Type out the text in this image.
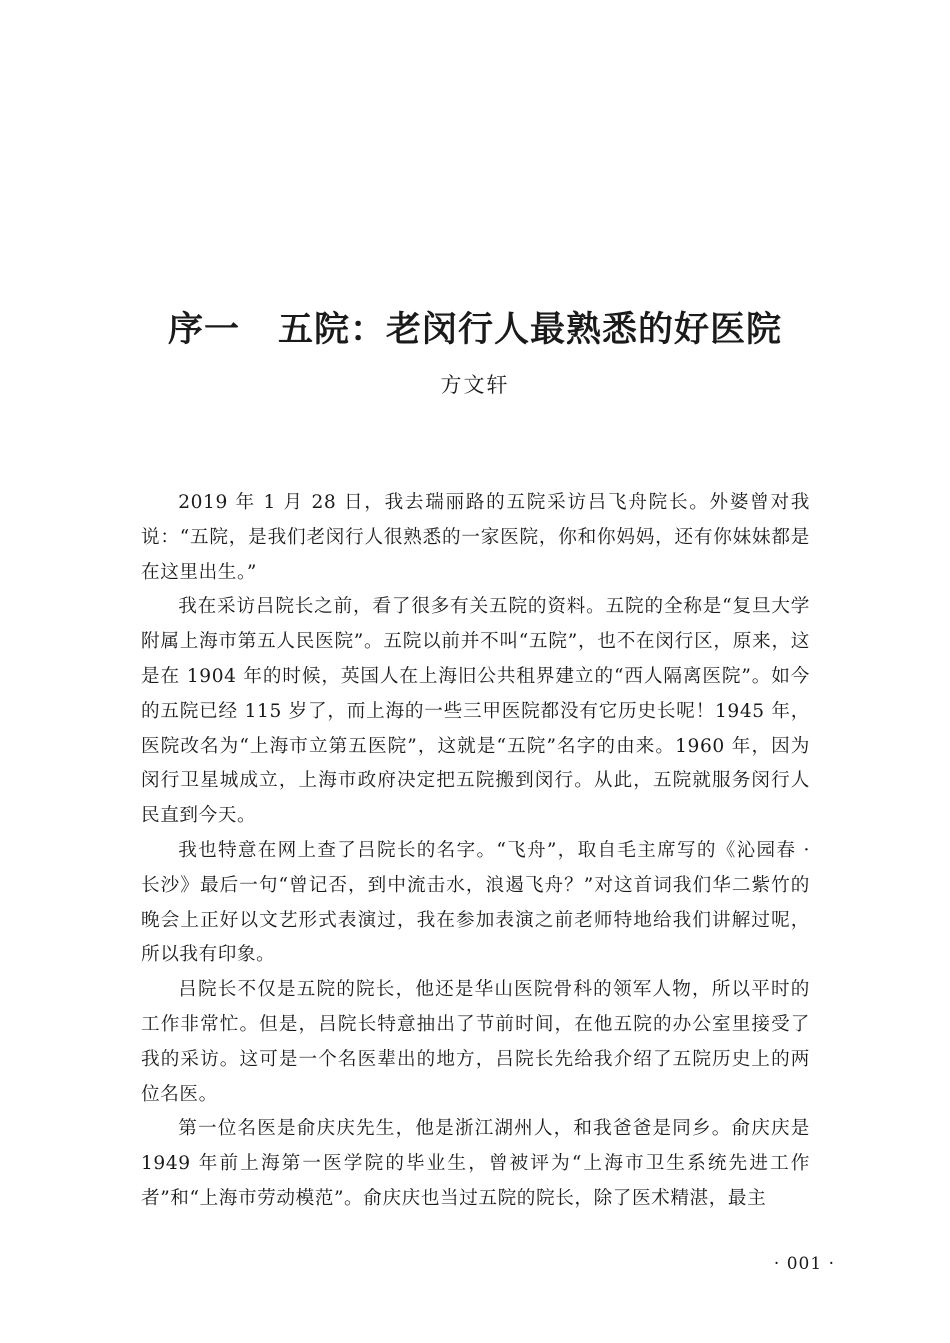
序一 五院：老闵行人最熟悉的好医院
方文轩

2019 年 1 月 28 日，我去瑞丽路的五院采访吕飞舟院长。外婆曾对我说：“五院，是我们老闵行人很熟悉的一家医院，你和你妈妈，还有你妹妹都是在这里出生。”

我在采访吕院长之前，看了很多有关五院的资料。五院的全称是“复旦大学附属上海市第五人民医院”。五院以前并不叫“五院”，也不在闵行区，原来，这是在 1904 年的时候，英国人在上海旧公共租界建立的“西人隔离医院”。如今的五院已经 115 岁了，而上海的一些三甲医院都没有它历史长呢！1945 年，医院改名为“上海市立第五医院”，这就是“五院”名字的由来。1960 年，因为闵行卫星城成立，上海市政府决定把五院搬到闵行。从此，五院就服务闵行人民直到今天。

我也特意在网上查了吕院长的名字。“飞舟”，取自毛主席写的《沁园春 · 长沙》最后一句“曾记否，到中流击水，浪遏飞舟？”对这首词我们华二紫竹的晚会上正好以文艺形式表演过，我在参加表演之前老师特地给我们讲解过呢，所以我有印象。

吕院长不仅是五院的院长，他还是华山医院骨科的领军人物，所以平时的工作非常忙。但是，吕院长特意抽出了节前时间，在他五院的办公室里接受了我的采访。这可是一个名医辈出的地方，吕院长先给我介绍了五院历史上的两位名医。

第一位名医是俞庆庆先生，他是浙江湖州人，和我爸爸是同乡。俞庆庆是 1949 年前上海第一医学院的毕业生，曾被评为“上海市卫生系统先进工作者”和“上海市劳动模范”。俞庆庆也当过五院的院长，除了医术精湛，最主

· 001 ·
